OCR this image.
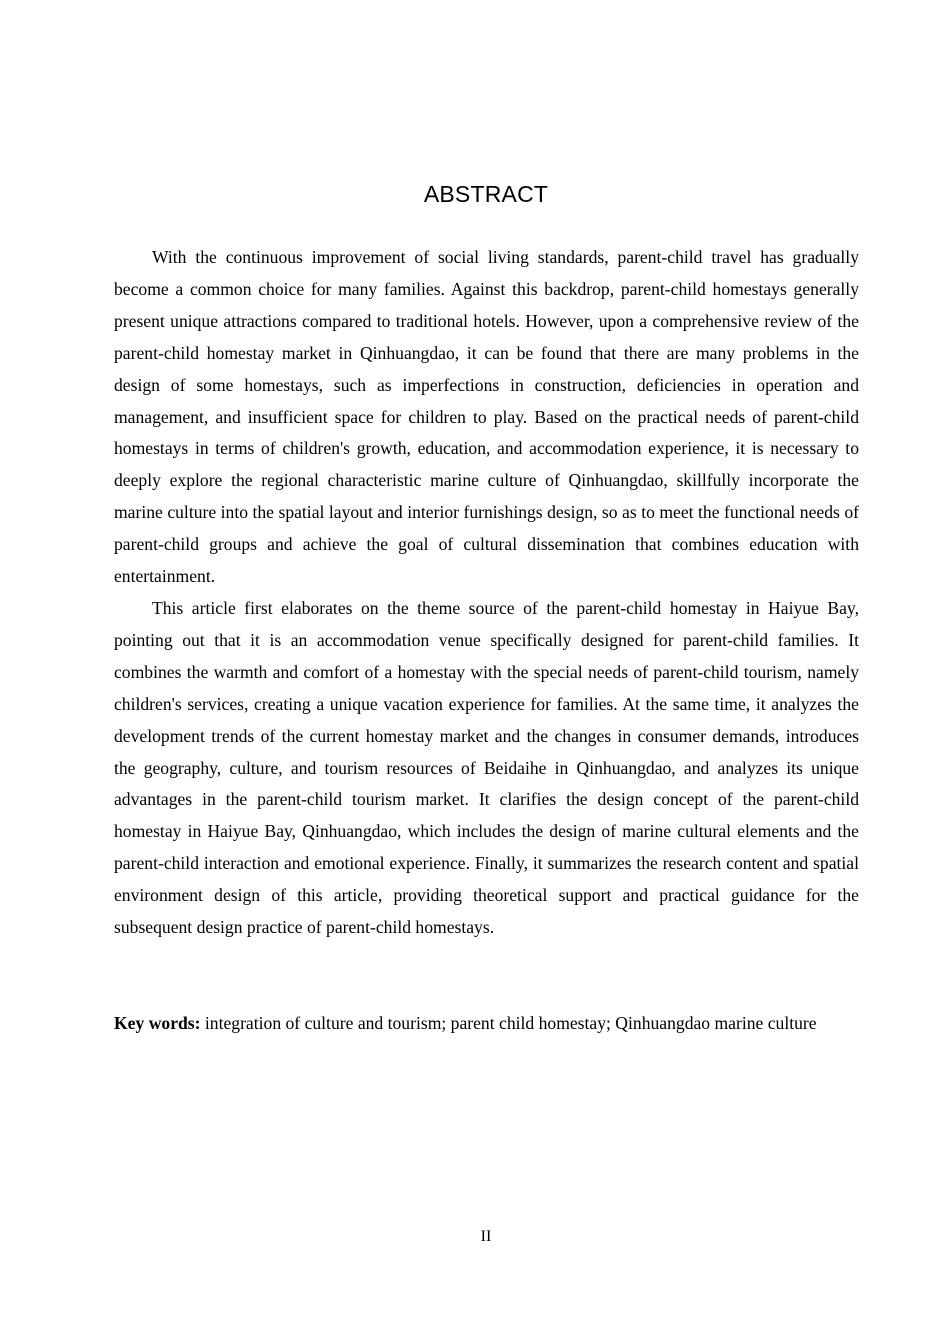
ABSTRACT

With the continuous improvement of social living standards, parent-child travel has gradually become a common choice for many families. Against this backdrop, parent-child homestays generally present unique attractions compared to traditional hotels. However, upon a comprehensive review of the parent-child homestay market in Qinhuangdao, it can be found that there are many problems in the design of some homestays, such as imperfections in construction, deficiencies in operation and management, and insufficient space for children to play. Based on the practical needs of parent-child homestays in terms of children's growth, education, and accommodation experience, it is necessary to deeply explore the regional characteristic marine culture of Qinhuangdao, skillfully incorporate the marine culture into the spatial layout and interior furnishings design, so as to meet the functional needs of parent-child groups and achieve the goal of cultural dissemination that combines education with entertainment.

This article first elaborates on the theme source of the parent-child homestay in Haiyue Bay, pointing out that it is an accommodation venue specifically designed for parent-child families. It combines the warmth and comfort of a homestay with the special needs of parent-child tourism, namely children's services, creating a unique vacation experience for families. At the same time, it analyzes the development trends of the current homestay market and the changes in consumer demands, introduces the geography, culture, and tourism resources of Beidaihe in Qinhuangdao, and analyzes its unique advantages in the parent-child tourism market. It clarifies the design concept of the parent-child homestay in Haiyue Bay, Qinhuangdao, which includes the design of marine cultural elements and the parent-child interaction and emotional experience. Finally, it summarizes the research content and spatial environment design of this article, providing theoretical support and practical guidance for the subsequent design practice of parent-child homestays.

Key words: integration of culture and tourism; parent child homestay; Qinhuangdao marine culture

II
